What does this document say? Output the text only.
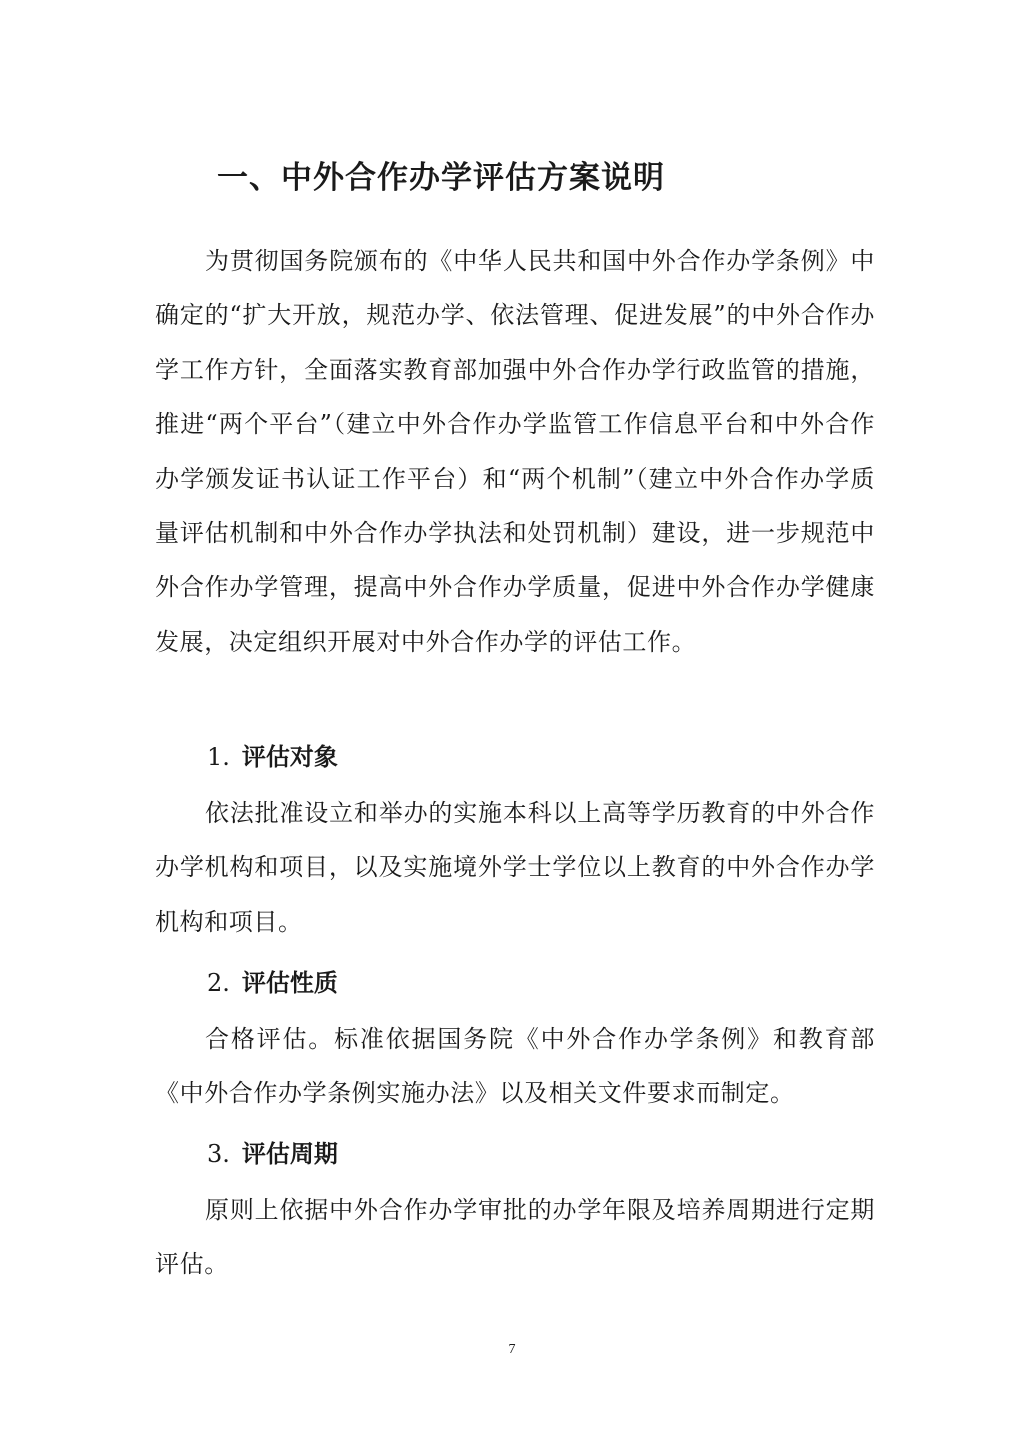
一、中外合作办学评估方案说明
为贯彻国务院颁布的《中华人民共和国中外合作办学条例》中确定的“扩大开放，规范办学、依法管理、促进发展”的中外合作办学工作方针，全面落实教育部加强中外合作办学行政监管的措施，推进“两个平台”（建立中外合作办学监管工作信息平台和中外合作办学颁发证书认证工作平台）和“两个机制”（建立中外合作办学质量评估机制和中外合作办学执法和处罚机制）建设，进一步规范中外合作办学管理，提高中外合作办学质量，促进中外合作办学健康发展，决定组织开展对中外合作办学的评估工作。
1. 评估对象
依法批准设立和举办的实施本科以上高等学历教育的中外合作办学机构和项目，以及实施境外学士学位以上教育的中外合作办学机构和项目。
2. 评估性质
合格评估。标准依据国务院《中外合作办学条例》和教育部《中外合作办学条例实施办法》以及相关文件要求而制定。
3. 评估周期
原则上依据中外合作办学审批的办学年限及培养周期进行定期评估。
7
